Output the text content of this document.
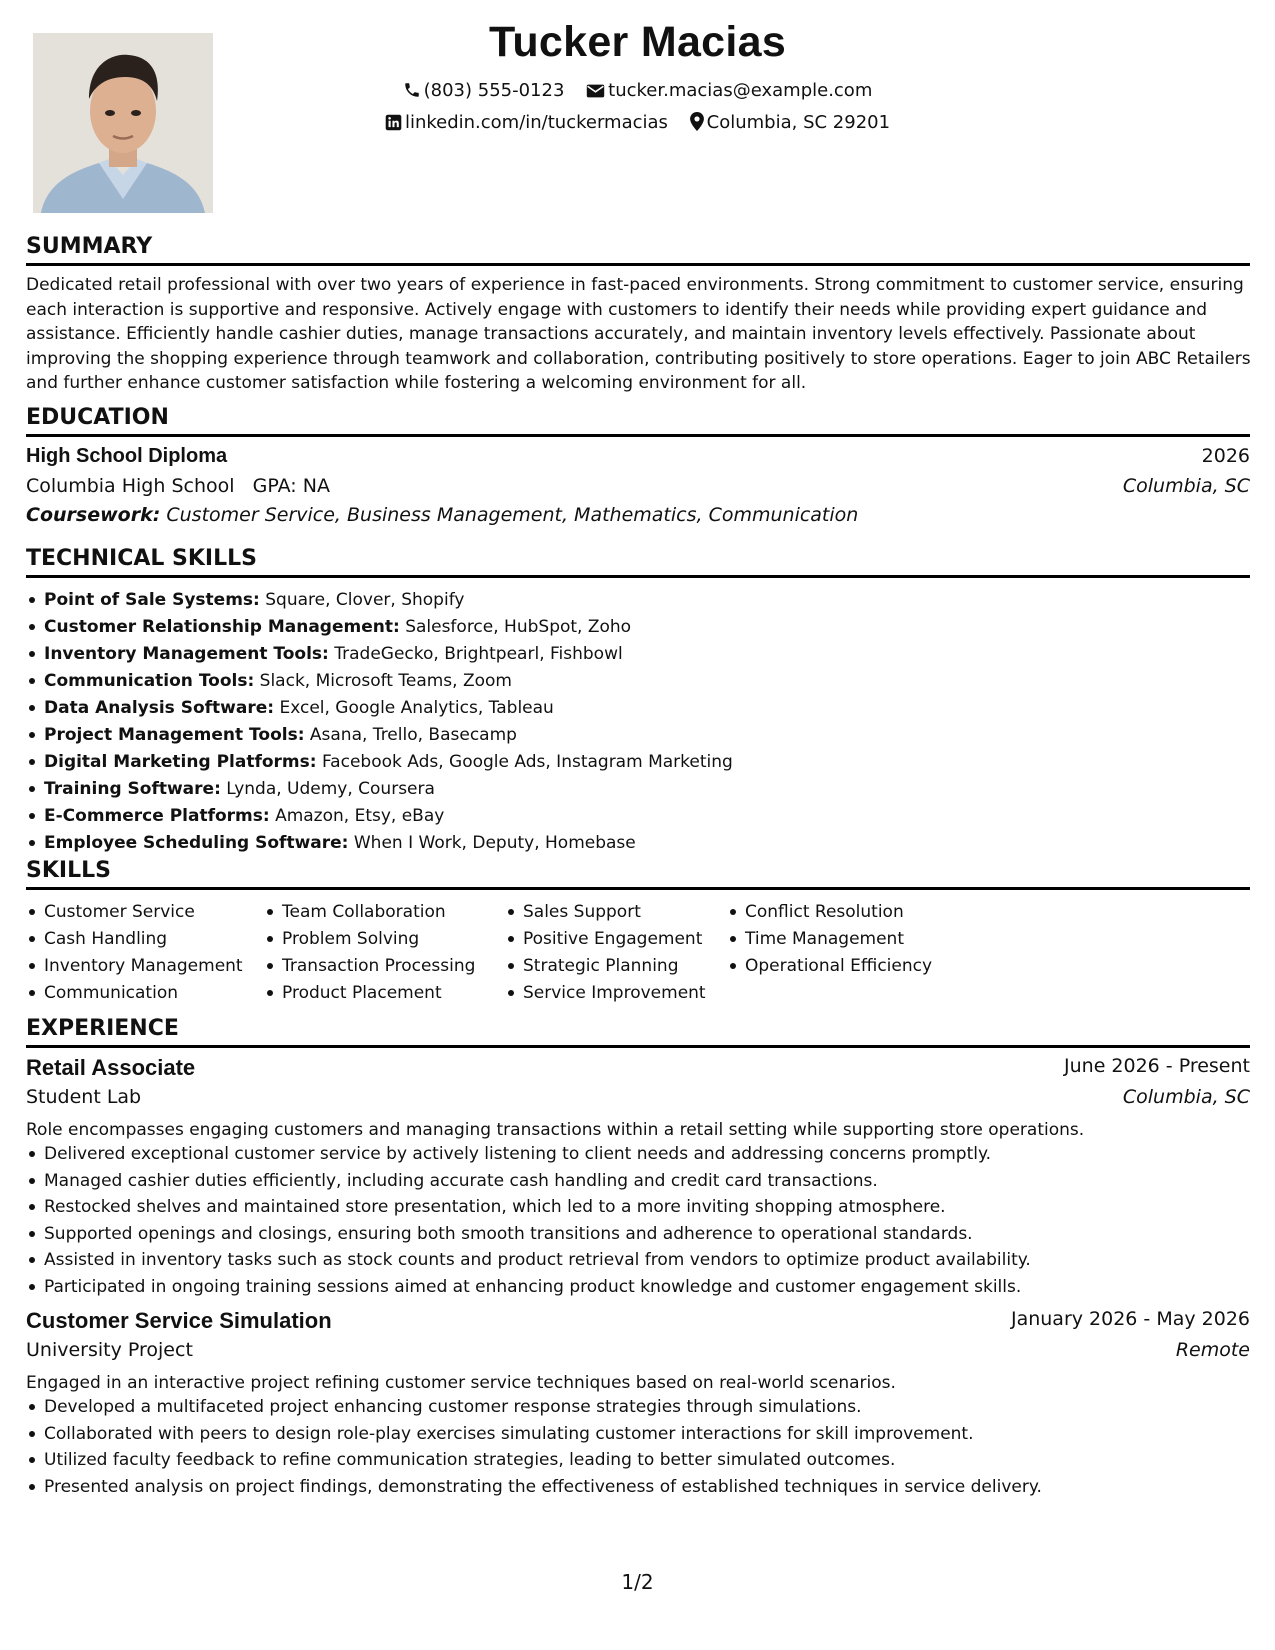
Tucker Macias
(803) 555-0123 tucker.macias@example.com
linkedin.com/in/tuckermacias Columbia, SC 29201
SUMMARY
Dedicated retail professional with over two years of experience in fast-paced environments. Strong commitment to customer service, ensuring each interaction is supportive and responsive. Actively engage with customers to identify their needs while providing expert guidance and assistance. Efficiently handle cashier duties, manage transactions accurately, and maintain inventory levels effectively. Passionate about improving the shopping experience through teamwork and collaboration, contributing positively to store operations. Eager to join ABC Retailers and further enhance customer satisfaction while fostering a welcoming environment for all.
EDUCATION
High School Diploma	2026
Columbia High School GPA: NA	Columbia, SC
Coursework: Customer Service, Business Management, Mathematics, Communication
TECHNICAL SKILLS
Point of Sale Systems: Square, Clover, Shopify
Customer Relationship Management: Salesforce, HubSpot, Zoho
Inventory Management Tools: TradeGecko, Brightpearl, Fishbowl
Communication Tools: Slack, Microsoft Teams, Zoom
Data Analysis Software: Excel, Google Analytics, Tableau
Project Management Tools: Asana, Trello, Basecamp
Digital Marketing Platforms: Facebook Ads, Google Ads, Instagram Marketing
Training Software: Lynda, Udemy, Coursera
E-Commerce Platforms: Amazon, Etsy, eBay
Employee Scheduling Software: When I Work, Deputy, Homebase
SKILLS
Customer Service
Cash Handling
Inventory Management
Communication
Team Collaboration
Problem Solving
Transaction Processing
Product Placement
Sales Support
Positive Engagement
Strategic Planning
Service Improvement
Conflict Resolution
Time Management
Operational Efficiency
EXPERIENCE
Retail Associate	June 2026 - Present
Student Lab	Columbia, SC
Role encompasses engaging customers and managing transactions within a retail setting while supporting store operations.
Delivered exceptional customer service by actively listening to client needs and addressing concerns promptly.
Managed cashier duties efficiently, including accurate cash handling and credit card transactions.
Restocked shelves and maintained store presentation, which led to a more inviting shopping atmosphere.
Supported openings and closings, ensuring both smooth transitions and adherence to operational standards.
Assisted in inventory tasks such as stock counts and product retrieval from vendors to optimize product availability.
Participated in ongoing training sessions aimed at enhancing product knowledge and customer engagement skills.
Customer Service Simulation	January 2026 - May 2026
University Project	Remote
Engaged in an interactive project refining customer service techniques based on real-world scenarios.
Developed a multifaceted project enhancing customer response strategies through simulations.
Collaborated with peers to design role-play exercises simulating customer interactions for skill improvement.
Utilized faculty feedback to refine communication strategies, leading to better simulated outcomes.
Presented analysis on project findings, demonstrating the effectiveness of established techniques in service delivery.
1/2
